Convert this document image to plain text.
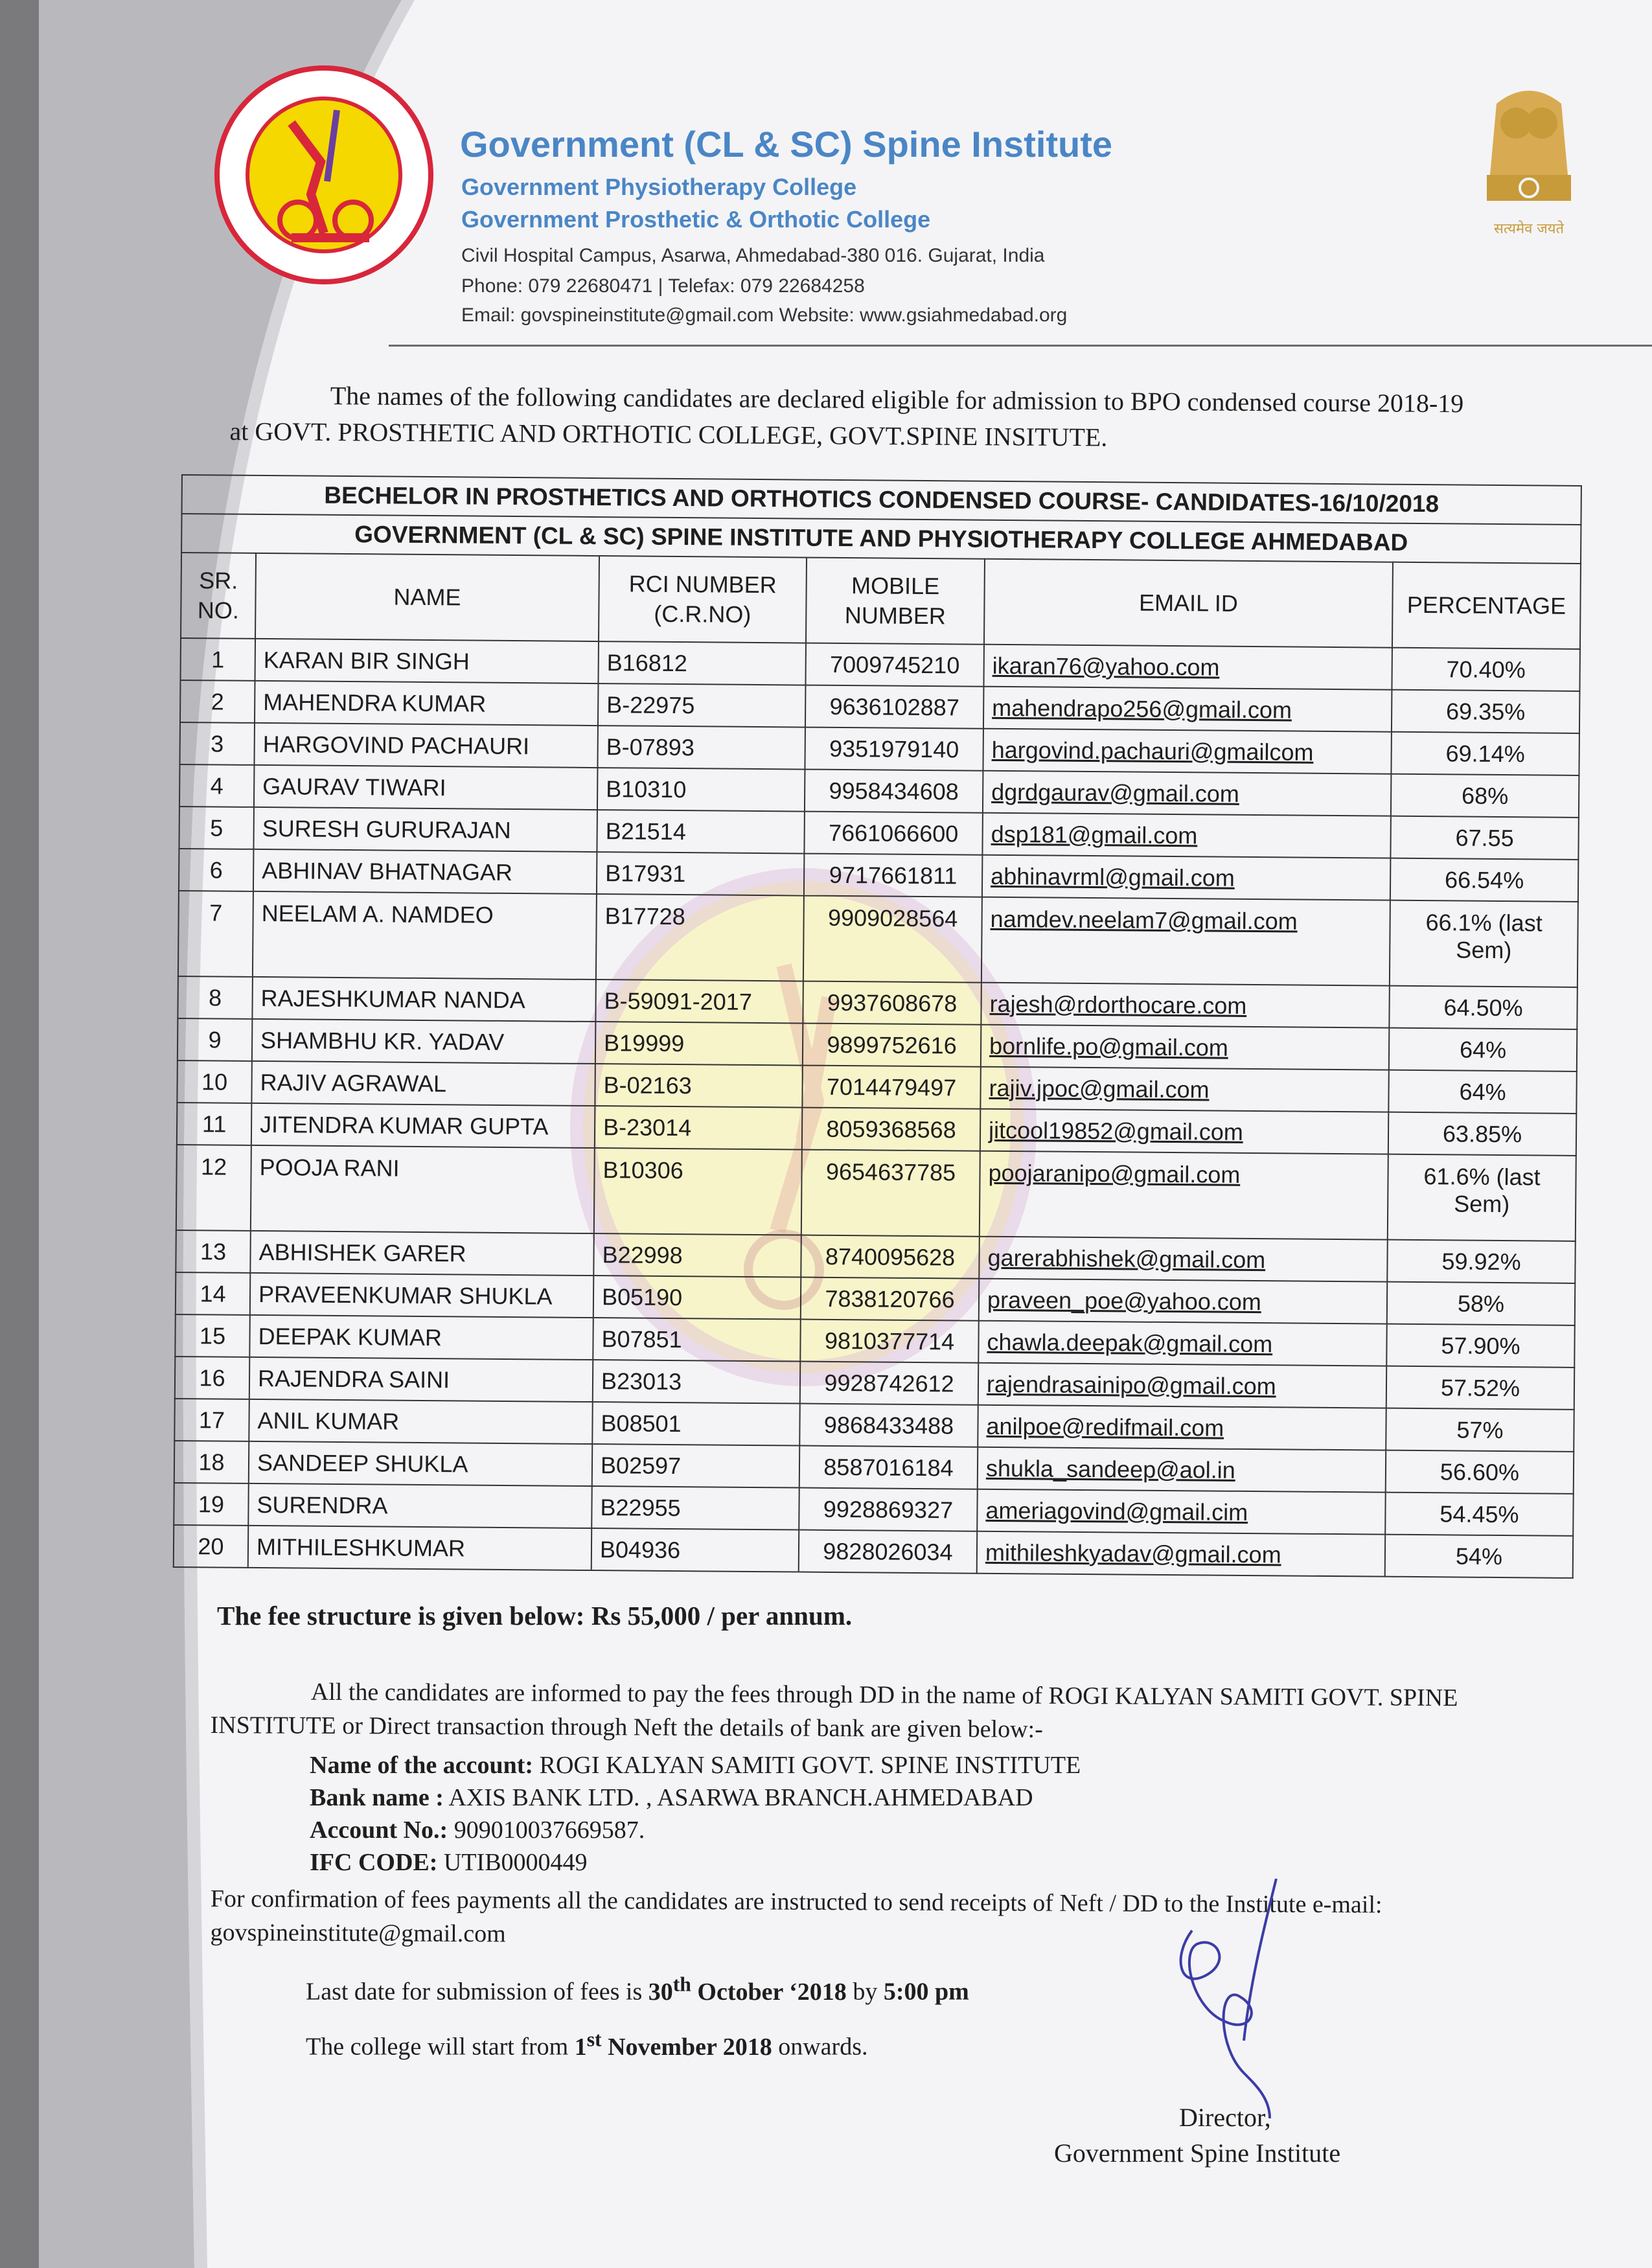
सत्यमेव जयते
Government (CL & SC) Spine Institute
Government Physiotherapy College
Government Prosthetic & Orthotic College
Civil Hospital Campus, Asarwa, Ahmedabad-380 016. Gujarat, India
Phone: 079 22680471 | Telefax: 079 22684258
Email: govspineinstitute@gmail.com Website: www.gsiahmedabad.org
The names of the following candidates are declared eligible for admission to BPO condensed course 2018-19 at GOVT. PROSTHETIC AND ORTHOTIC COLLEGE, GOVT.SPINE INSITUTE.
BECHELOR IN PROSTHETICS AND ORTHOTICS CONDENSED COURSE- CANDIDATES-16/10/2018					
GOVERNMENT (CL & SC) SPINE INSTITUTE AND PHYSIOTHERAPY COLLEGE AHMEDABAD					
SR. NO.	NAME	RCI NUMBER (C.R.NO)	MOBILE NUMBER	EMAIL ID	PERCENTAGE
1	KARAN BIR SINGH	B16812	7009745210	ikaran76@yahoo.com	70.40%
2	MAHENDRA KUMAR	B-22975	9636102887	mahendrapo256@gmail.com	69.35%
3	HARGOVIND PACHAURI	B-07893	9351979140	hargovind.pachauri@gmailcom	69.14%
4	GAURAV TIWARI	B10310	9958434608	dgrdgaurav@gmail.com	68%
5	SURESH GURURAJAN	B21514	7661066600	dsp181@gmail.com	67.55
6	ABHINAV BHATNAGAR	B17931	9717661811	abhinavrml@gmail.com	66.54%
7	NEELAM A. NAMDEO	B17728	9909028564	namdev.neelam7@gmail.com	66.1% (last Sem)
8	RAJESHKUMAR NANDA	B-59091-2017	9937608678	rajesh@rdorthocare.com	64.50%
9	SHAMBHU KR. YADAV	B19999	9899752616	bornlife.po@gmail.com	64%
10	RAJIV AGRAWAL	B-02163	7014479497	rajiv.jpoc@gmail.com	64%
11	JITENDRA KUMAR GUPTA	B-23014	8059368568	jitcool19852@gmail.com	63.85%
12	POOJA RANI	B10306	9654637785	poojaranipo@gmail.com	61.6% (last Sem)
13	ABHISHEK GARER	B22998	8740095628	garerabhishek@gmail.com	59.92%
14	PRAVEENKUMAR SHUKLA	B05190	7838120766	praveen_poe@yahoo.com	58%
15	DEEPAK KUMAR	B07851	9810377714	chawla.deepak@gmail.com	57.90%
16	RAJENDRA SAINI	B23013	9928742612	rajendrasainipo@gmail.com	57.52%
17	ANIL KUMAR	B08501	9868433488	anilpoe@redifmail.com	57%
18	SANDEEP SHUKLA	B02597	8587016184	shukla_sandeep@aol.in	56.60%
19	SURENDRA	B22955	9928869327	ameriagovind@gmail.cim	54.45%
20	MITHILESHKUMAR	B04936	9828026034	mithileshkyadav@gmail.com	54%
The fee structure is given below: Rs 55,000 / per annum.
All the candidates are informed to pay the fees through DD in the name of ROGI KALYAN SAMITI GOVT. SPINE INSTITUTE or Direct transaction through Neft the details of bank are given below:-
Name of the account: ROGI KALYAN SAMITI GOVT. SPINE INSTITUTE
Bank name : AXIS BANK LTD. , ASARWA BRANCH.AHMEDABAD
Account No.: 909010037669587.
IFC CODE: UTIB0000449
For confirmation of fees payments all the candidates are instructed to send receipts of Neft / DD to the Institute e-mail: govspineinstitute@gmail.com
Last date for submission of fees is 30th October ‘2018 by 5:00 pm
The college will start from 1st November 2018 onwards.
Director,
Government Spine Institute
